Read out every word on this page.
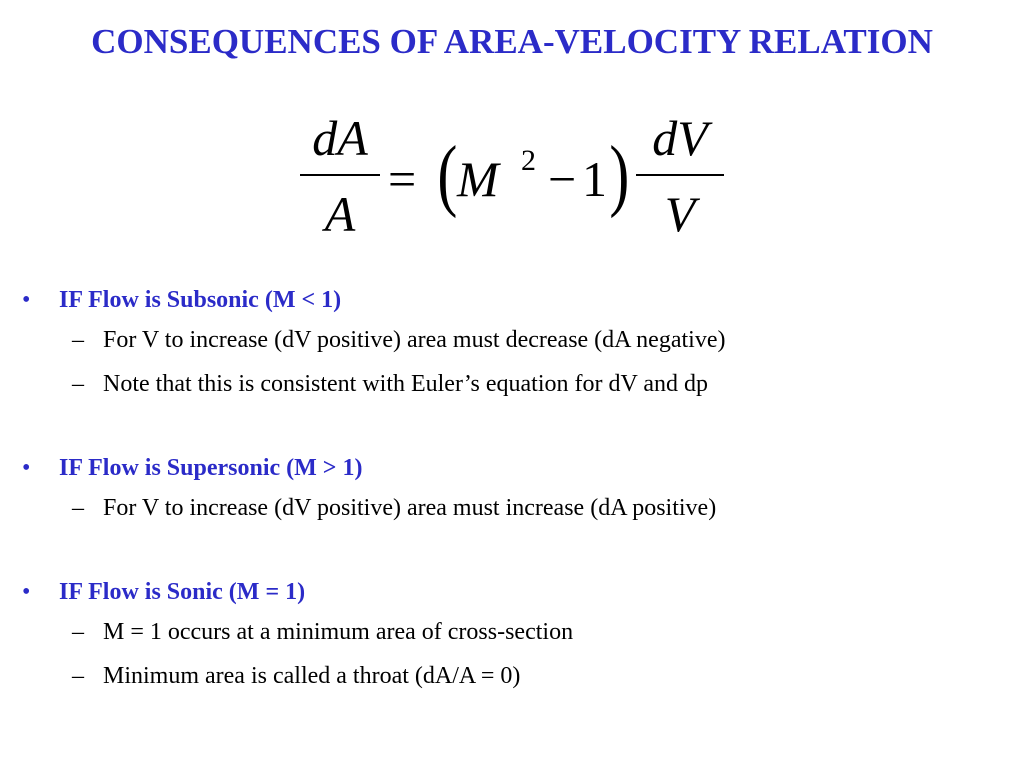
CONSEQUENCES OF AREA-VELOCITY RELATION
dA
A
= ( M 2 − 1 ) dV
V
• IF Flow is Subsonic (M < 1)
– For V to increase (dV positive) area must decrease (dA negative)
– Note that this is consistent with Euler’s equation for dV and dp
• IF Flow is Supersonic (M > 1)
– For V to increase (dV positive) area must increase (dA positive)
• IF Flow is Sonic (M = 1)
– M = 1 occurs at a minimum area of cross-section
– Minimum area is called a throat (dA/A = 0)
